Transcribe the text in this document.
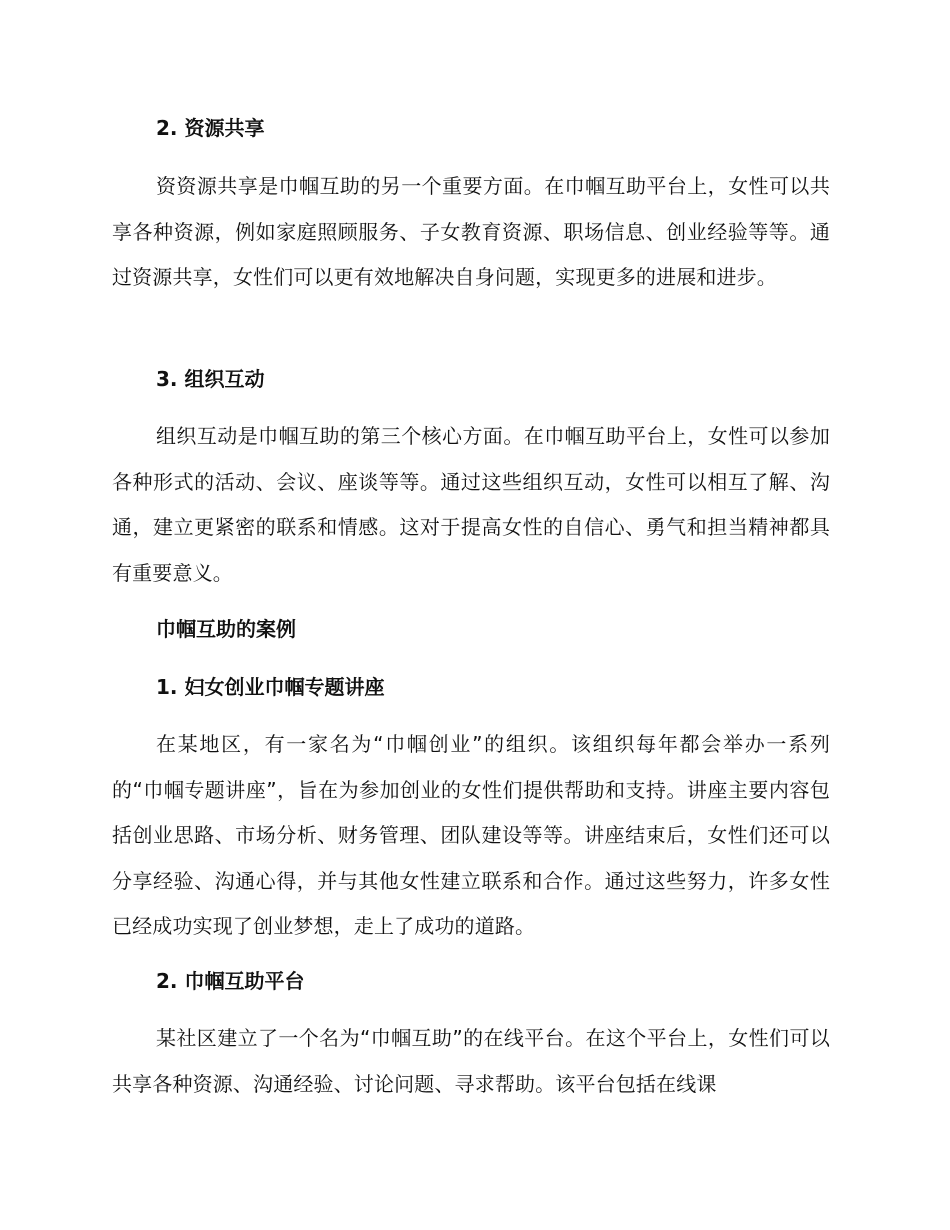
2. 资源共享
资资源共享是巾帼互助的另一个重要方面。在巾帼互助平台上，女性可以共享各种资源，例如家庭照顾服务、子女教育资源、职场信息、创业经验等等。通过资源共享，女性们可以更有效地解决自身问题，实现更多的进展和进步。
3. 组织互动
组织互动是巾帼互助的第三个核心方面。在巾帼互助平台上，女性可以参加各种形式的活动、会议、座谈等等。通过这些组织互动，女性可以相互了解、沟通，建立更紧密的联系和情感。这对于提高女性的自信心、勇气和担当精神都具有重要意义。
巾帼互助的案例
1. 妇女创业巾帼专题讲座
在某地区，有一家名为“巾帼创业”的组织。该组织每年都会举办一系列的“巾帼专题讲座”，旨在为参加创业的女性们提供帮助和支持。讲座主要内容包括创业思路、市场分析、财务管理、团队建设等等。讲座结束后，女性们还可以分享经验、沟通心得，并与其他女性建立联系和合作。通过这些努力，许多女性已经成功实现了创业梦想，走上了成功的道路。
2. 巾帼互助平台
某社区建立了一个名为“巾帼互助”的在线平台。在这个平台上，女性们可以共享各种资源、沟通经验、讨论问题、寻求帮助。该平台包括在线课
